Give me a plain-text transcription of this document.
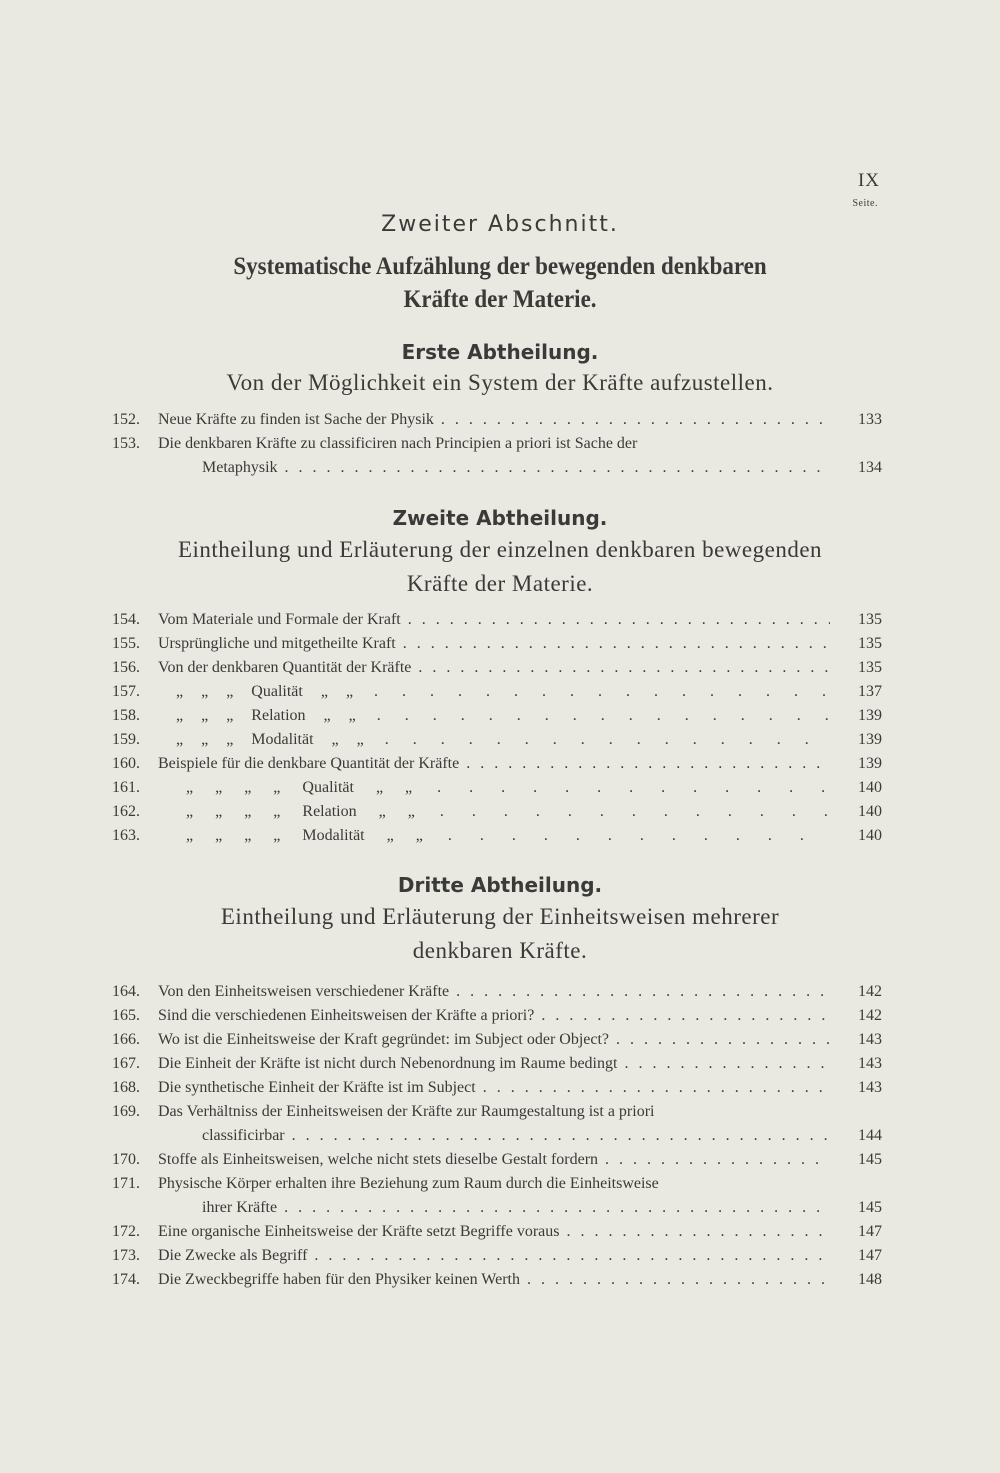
IX
Seite.
Zweiter Abschnitt.
Systematische Aufzählung der bewegenden denkbaren
Kräfte der Materie.
Erste Abtheilung.
Von der Möglichkeit ein System der Kräfte aufzustellen.
152.	Neue Kräfte zu finden ist Sache der Physik . . .	133
153.	Die denkbaren Kräfte zu classificiren nach Principien a priori ist Sache der
Metaphysik . . .	134
Zweite Abtheilung.
Eintheilung und Erläuterung der einzelnen denkbaren bewegenden
Kräfte der Materie.
154.	Vom Materiale und Formale der Kraft . . .	135
155.	Ursprüngliche und mitgetheilte Kraft . . .	135
156.	Von der denkbaren Quantität der Kräfte . . .	135
157.	„ „ „ Qualität „ „ . . .	137
158.	„ „ „ Relation „ „ . . .	139
159.	„ „ „ Modalität „ „ . . .	139
160.	Beispiele für die denkbare Quantität der Kräfte . . .	139
161.	„ „ „ „ Qualität „ „ . . .	140
162.	„ „ „ „ Relation „ „ . . .	140
163.	„ „ „ „ Modalität „ „ . . .	140
Dritte Abtheilung.
Eintheilung und Erläuterung der Einheitsweisen mehrerer
denkbaren Kräfte.
164.	Von den Einheitsweisen verschiedener Kräfte . . .	142
165.	Sind die verschiedenen Einheitsweisen der Kräfte a priori? . . .	142
166.	Wo ist die Einheitsweise der Kraft gegründet: im Subject oder Object? . . .	143
167.	Die Einheit der Kräfte ist nicht durch Nebenordnung im Raume bedingt . . .	143
168.	Die synthetische Einheit der Kräfte ist im Subject . . .	143
169.	Das Verhältniss der Einheitsweisen der Kräfte zur Raumgestaltung ist a priori
classificirbar . . .	144
170.	Stoffe als Einheitsweisen, welche nicht stets dieselbe Gestalt fordern . . .	145
171.	Physische Körper erhalten ihre Beziehung zum Raum durch die Einheitsweise
ihrer Kräfte . . .	145
172.	Eine organische Einheitsweise der Kräfte setzt Begriffe voraus . . .	147
173.	Die Zwecke als Begriff . . .	147
174.	Die Zweckbegriffe haben für den Physiker keinen Werth . . .	148
